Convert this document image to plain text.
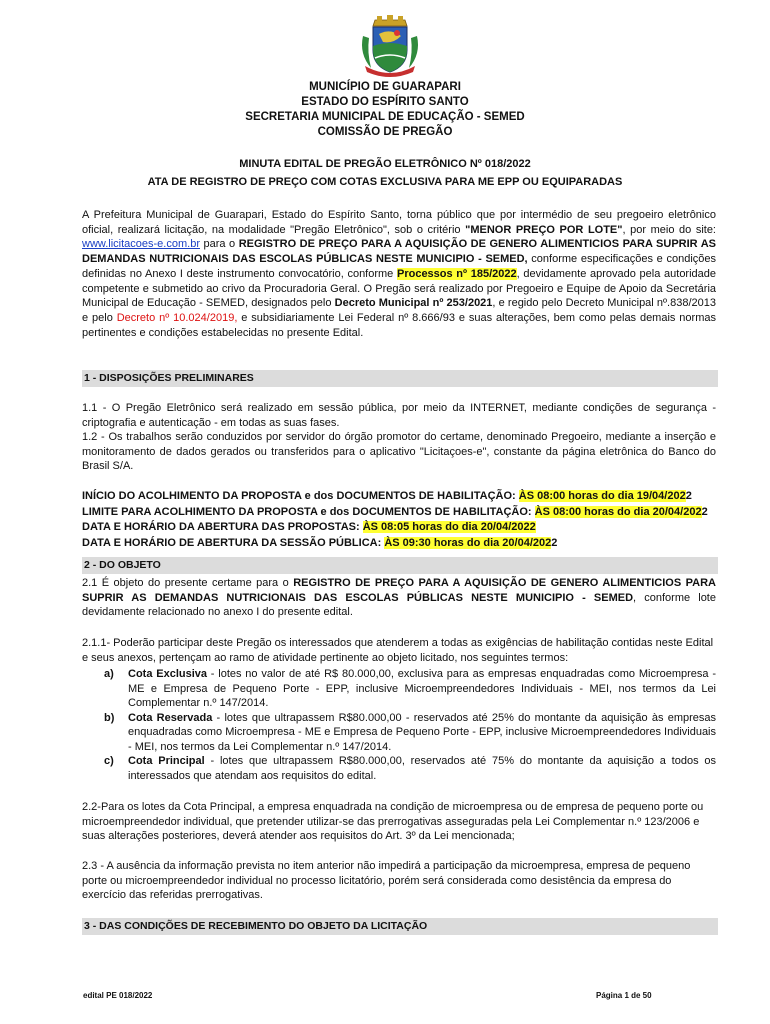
MUNICÍPIO DE GUARAPARI
ESTADO DO ESPÍRITO SANTO
SECRETARIA MUNICIPAL DE EDUCAÇÃO - SEMED
COMISSÃO DE PREGÃO
MINUTA EDITAL DE PREGÃO ELETRÔNICO Nº 018/2022
ATA DE REGISTRO DE PREÇO COM COTAS EXCLUSIVA PARA ME EPP OU EQUIPARADAS
A Prefeitura Municipal de Guarapari, Estado do Espírito Santo, torna público que por intermédio de seu pregoeiro eletrônico oficial, realizará licitação, na modalidade "Pregão Eletrônico", sob o critério "MENOR PREÇO POR LOTE", por meio do site: www.licitacoes-e.com.br para o REGISTRO DE PREÇO PARA A AQUISIÇÃO DE GENERO ALIMENTICIOS PARA SUPRIR AS DEMANDAS NUTRICIONAIS DAS ESCOLAS PÚBLICAS NESTE MUNICIPIO - SEMED, conforme especificações e condições definidas no Anexo I deste instrumento convocatório, conforme Processos nº 185/2022, devidamente aprovado pela autoridade competente e submetido ao crivo da Procuradoria Geral. O Pregão será realizado por Pregoeiro e Equipe de Apoio da Secretária Municipal de Educação - SEMED, designados pelo Decreto Municipal nº 253/2021, e regido pelo Decreto Municipal nº.838/2013 e pelo Decreto nº 10.024/2019, e subsidiariamente Lei Federal nº 8.666/93 e suas alterações, bem como pelas demais normas pertinentes e condições estabelecidas no presente Edital.
1 - DISPOSIÇÕES PRELIMINARES
1.1 - O Pregão Eletrônico será realizado em sessão pública, por meio da INTERNET, mediante condições de segurança - criptografia e autenticação - em todas as suas fases.
1.2 - Os trabalhos serão conduzidos por servidor do órgão promotor do certame, denominado Pregoeiro, mediante a inserção e monitoramento de dados gerados ou transferidos para o aplicativo "Licitaçoes-e", constante da página eletrônica do Banco do Brasil S/A.
INÍCIO DO ACOLHIMENTO DA PROPOSTA e dos DOCUMENTOS DE HABILITAÇÃO: ÀS 08:00 horas do dia 19/04/2022
LIMITE PARA ACOLHIMENTO DA PROPOSTA e dos DOCUMENTOS DE HABILITAÇÃO: ÀS 08:00 horas do dia 20/04/2022
DATA E HORÁRIO DA ABERTURA DAS PROPOSTAS: ÀS 08:05 horas do dia 20/04/2022
DATA E HORÁRIO DE ABERTURA DA SESSÃO PÚBLICA: ÀS 09:30 horas do dia 20/04/2022
2 - DO OBJETO
2.1 É objeto do presente certame para o REGISTRO DE PREÇO PARA A AQUISIÇÃO DE GENERO ALIMENTICIOS PARA SUPRIR AS DEMANDAS NUTRICIONAIS DAS ESCOLAS PÚBLICAS NESTE MUNICIPIO - SEMED, conforme lote devidamente relacionado no anexo I do presente edital.
2.1.1- Poderão participar deste Pregão os interessados que atenderem a todas as exigências de habilitação contidas neste Edital e seus anexos, pertençam ao ramo de atividade pertinente ao objeto licitado, nos seguintes termos:
a) Cota Exclusiva - lotes no valor de até R$ 80.000,00, exclusiva para as empresas enquadradas como Microempresa - ME e Empresa de Pequeno Porte - EPP, inclusive Microempreendedores Individuais - MEI, nos termos da Lei Complementar n.º 147/2014.
b) Cota Reservada - lotes que ultrapassem R$80.000,00 - reservados até 25% do montante da aquisição às empresas enquadradas como Microempresa - ME e Empresa de Pequeno Porte - EPP, inclusive Microempreendedores Individuais - MEI, nos termos da Lei Complementar n.º 147/2014.
c) Cota Principal - lotes que ultrapassem R$80.000,00, reservados até 75% do montante da aquisição a todos os interessados que atendam aos requisitos do edital.
2.2-Para os lotes da Cota Principal, a empresa enquadrada na condição de microempresa ou de empresa de pequeno porte ou microempreendedor individual, que pretender utilizar-se das prerrogativas asseguradas pela Lei Complementar n.º 123/2006 e suas alterações posteriores, deverá atender aos requisitos do Art. 3º da Lei mencionada;
2.3 - A ausência da informação prevista no item anterior não impedirá a participação da microempresa, empresa de pequeno porte ou microempreendedor individual no processo licitatório, porém será considerada como desistência da empresa do exercício das referidas prerrogativas.
3 - DAS CONDIÇÕES DE RECEBIMENTO DO OBJETO DA LICITAÇÃO
edital PE 018/2022	Página 1 de 50
